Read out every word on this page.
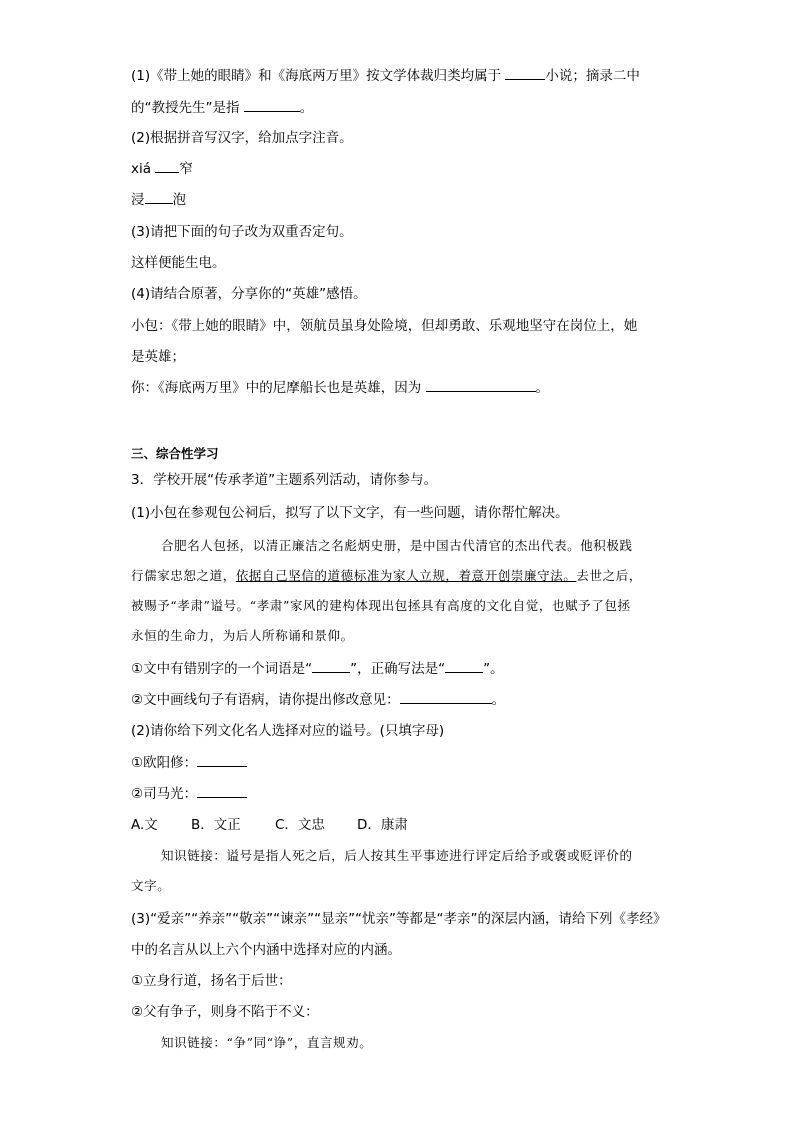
(1)《带上她的眼睛》和《海底两万里》按文学体裁归类均属于	小说；摘录二中
的“教授先生”是指	。
(2)根据拼音写汉字，给加点字注音。
xiá 窄
浸 泡
(3)请把下面的句子改为双重否定句。
这样便能生电。
(4)请结合原著，分享你的“英雄”感悟。
小包：《带上她的眼睛》中，领航员虽身处险境，但却勇敢、乐观地坚守在岗位上，她
是英雄；
你：《海底两万里》中的尼摩船长也是英雄，因为	。
三、综合性学习
3．学校开展“传承孝道”主题系列活动，请你参与。
(1)小包在参观包公祠后，拟写了以下文字，有一些问题，请你帮忙解决。
合肥名人包拯，以清正廉洁之名彪炳史册，是中国古代清官的杰出代表。他积极践
行儒家忠恕之道，依据自己坚信的道德标准为家人立规，着意开创崇廉守法。去世之后，
被赐予“孝肃”谥号。“孝肃”家风的建构体现出包拯具有高度的文化自觉，也赋予了包拯
永恒的生命力，为后人所称诵和景仰。
①文中有错别字的一个词语是“	”，正确写法是“	”。
②文中画线句子有语病，请你提出修改意见：	。
(2)请你给下列文化名人选择对应的谥号。(只填字母)
①欧阳修：
②司马光：
A.文 B．文正	C．文忠 D．康肃
知识链接：谥号是指人死之后，后人按其生平事迹进行评定后给予或褒或贬评价的
文字。
(3)“爱亲”“养亲”“敬亲”“谏亲”“显亲”“忧亲”等都是“孝亲”的深层内涵，请给下列《孝经》
中的名言从以上六个内涵中选择对应的内涵。
①立身行道，扬名于后世：
②父有争子，则身不陷于不义：
知识链接：“争”同“诤”，直言规劝。
